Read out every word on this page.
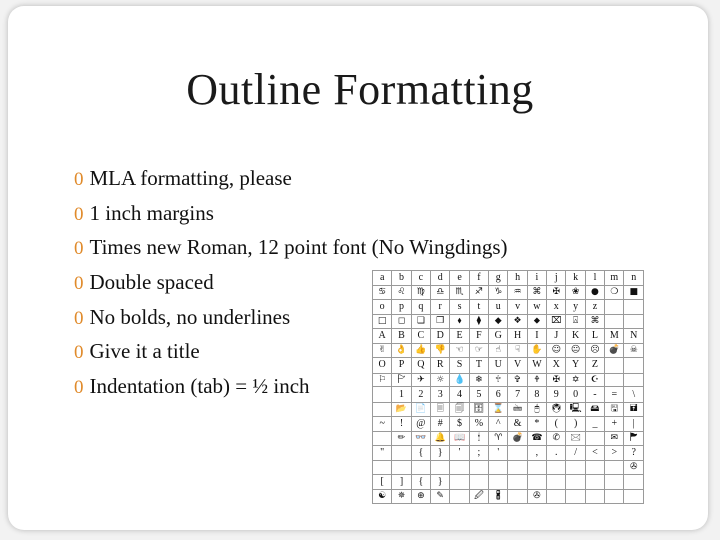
Outline Formatting
0 MLA formatting, please
0 1 inch margins
0 Times new Roman, 12 point font (No Wingdings)
0 Double spaced
0 No bolds, no underlines
0 Give it a title
0 Indentation (tab) = ½ inch
a	b	c	d	e	f	g	h	i	j	k	l	m	n
♋	♌	♍	♎	♏	♐	♑	♒	⌘	✠	❀	●	❍	■
o	p	q	r	s	t	u	v	w	x	y	z		
□	◻	❑	❒	⬧	⧫	◆	❖	⬥	⌧	⍓	⌘		
A	B	C	D	E	F	G	H	I	J	K	L	M	N
✌	👌	👍	👎	☜	☞	☝	☟	✋	☺	😐	☹	💣	☠
O	P	Q	R	S	T	U	V	W	X	Y	Z		
⚐	🏱	✈	☼	💧	❄	🕆	✞	🕈	✠	✡	☪		
	1	2	3	4	5	6	7	8	9	0	-	=	\
	📂	📄	🗏	🗐	🗄	⌛	🖮	🖰	🖲	🖳	🖴	🖫	🖬
~	!	@	#	$	%	^	&	*	(	)	_	+	|
	✏	👓	🔔	📖	🕯	♈	💣	☎	✆	🖂		✉	🏲
"		{	}	'	;	'		,	.	/	<	>	?
													✇
[	]	{	}										
☯	✵	⊕	✎		🖉	🖁		✇					
